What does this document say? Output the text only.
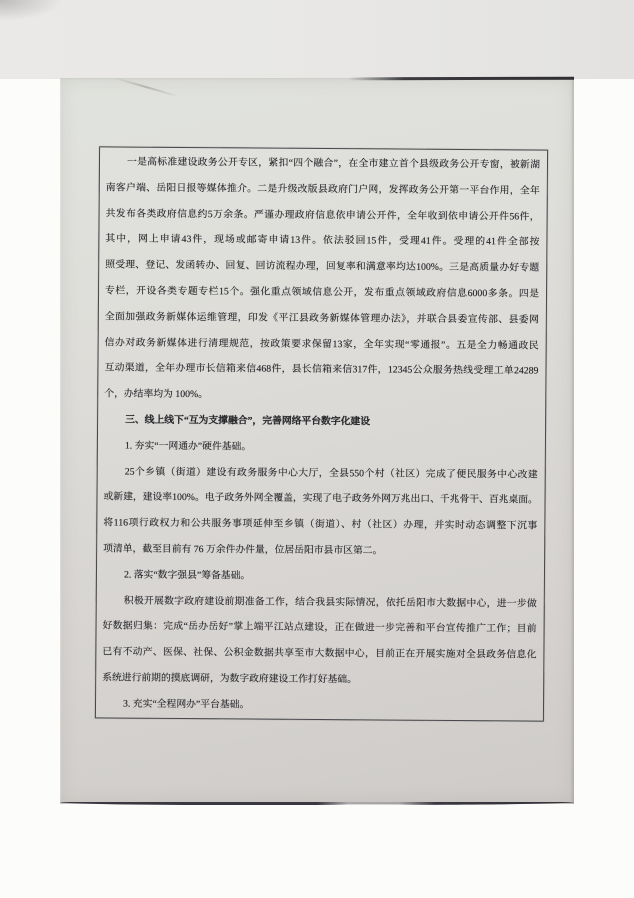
一是高标准建设政务公开专区，紧扣“四个融合”，在全市建立首个县级政务公开专窗，被新湖
南客户端、岳阳日报等媒体推介。二是升级改版县政府门户网，发挥政务公开第一平台作用，全年
共发布各类政府信息约5万余条。严谨办理政府信息依申请公开件，全年收到依申请公开件56件，
其中，网上申请43件，现场或邮寄申请13件。依法驳回15件，受理41件。受理的41件全部按
照受理、登记、发函转办、回复、回访流程办理，回复率和满意率均达100%。三是高质量办好专题
专栏，开设各类专题专栏15个。强化重点领域信息公开，发布重点领域政府信息6000多条。四是
全面加强政务新媒体运维管理，印发《平江县政务新媒体管理办法》，并联合县委宣传部、县委网
信办对政务新媒体进行清理规范，按政策要求保留13家，全年实现“零通报”。五是全力畅通政民
互动渠道，全年办理市长信箱来信468件，县长信箱来信317件，12345公众服务热线受理工单24289
个，办结率均为 100%。
三、线上线下“互为支撑融合”，完善网络平台数字化建设
1. 夯实“一网通办”硬件基础。
25个乡镇（街道）建设有政务服务中心大厅，全县550个村（社区）完成了便民服务中心改建
或新建，建设率100%。电子政务外网全覆盖，实现了电子政务外网万兆出口、千兆骨干、百兆桌面。
将116项行政权力和公共服务事项延伸至乡镇（街道）、村（社区）办理，并实时动态调整下沉事
项清单，截至目前有 76 万余件办件量，位居岳阳市县市区第二。
2. 落实“数字强县”筹备基础。
积极开展数字政府建设前期准备工作，结合我县实际情况，依托岳阳市大数据中心，进一步做
好数据归集：完成“岳办岳好”掌上端平江站点建设，正在做进一步完善和平台宣传推广工作；目前
已有不动产、医保、社保、公积金数据共享至市大数据中心，目前正在开展实施对全县政务信息化
系统进行前期的摸底调研，为数字政府建设工作打好基础。
3. 充实“全程网办”平台基础。
